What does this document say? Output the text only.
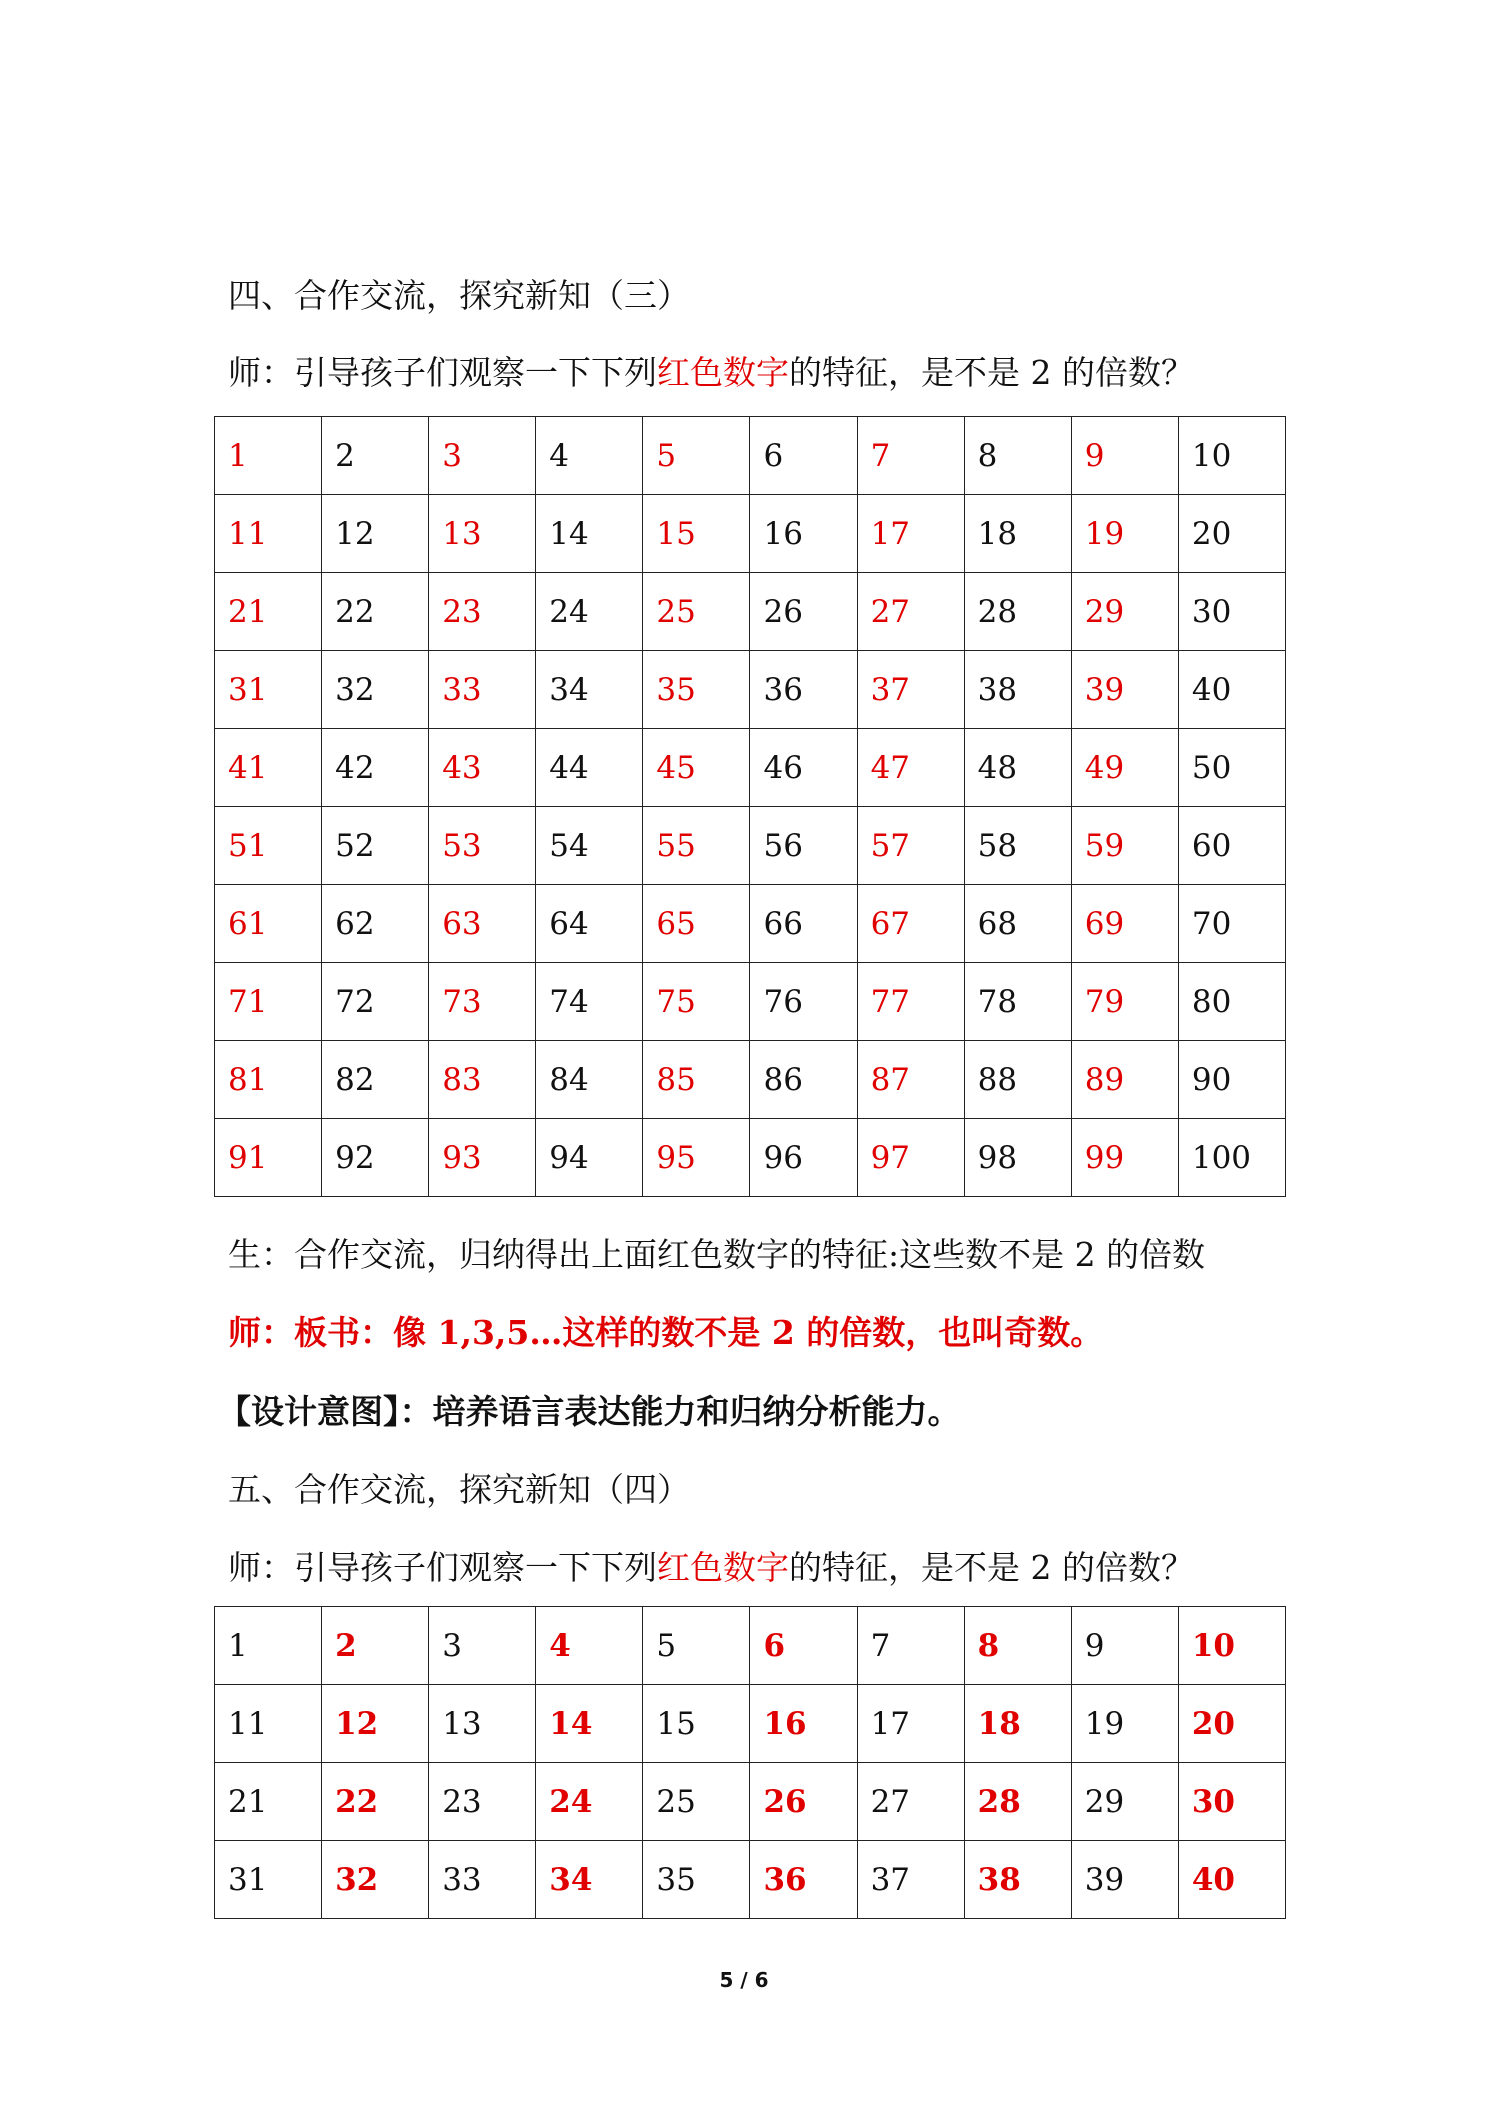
四、合作交流，探究新知（三）
师：引导孩子们观察一下下列红色数字的特征，是不是 2 的倍数？
1	2	3	4	5	6	7	8	9	10
11	12	13	14	15	16	17	18	19	20
21	22	23	24	25	26	27	28	29	30
31	32	33	34	35	36	37	38	39	40
41	42	43	44	45	46	47	48	49	50
51	52	53	54	55	56	57	58	59	60
61	62	63	64	65	66	67	68	69	70
71	72	73	74	75	76	77	78	79	80
81	82	83	84	85	86	87	88	89	90
91	92	93	94	95	96	97	98	99	100
生：合作交流，归纳得出上面红色数字的特征:这些数不是 2 的倍数
师：板书：像 1,3,5…这样的数不是 2 的倍数，也叫奇数。
【设计意图】：培养语言表达能力和归纳分析能力。
五、合作交流，探究新知（四）
师：引导孩子们观察一下下列红色数字的特征，是不是 2 的倍数？
1	2	3	4	5	6	7	8	9	10
11	12	13	14	15	16	17	18	19	20
21	22	23	24	25	26	27	28	29	30
31	32	33	34	35	36	37	38	39	40
5 / 6
